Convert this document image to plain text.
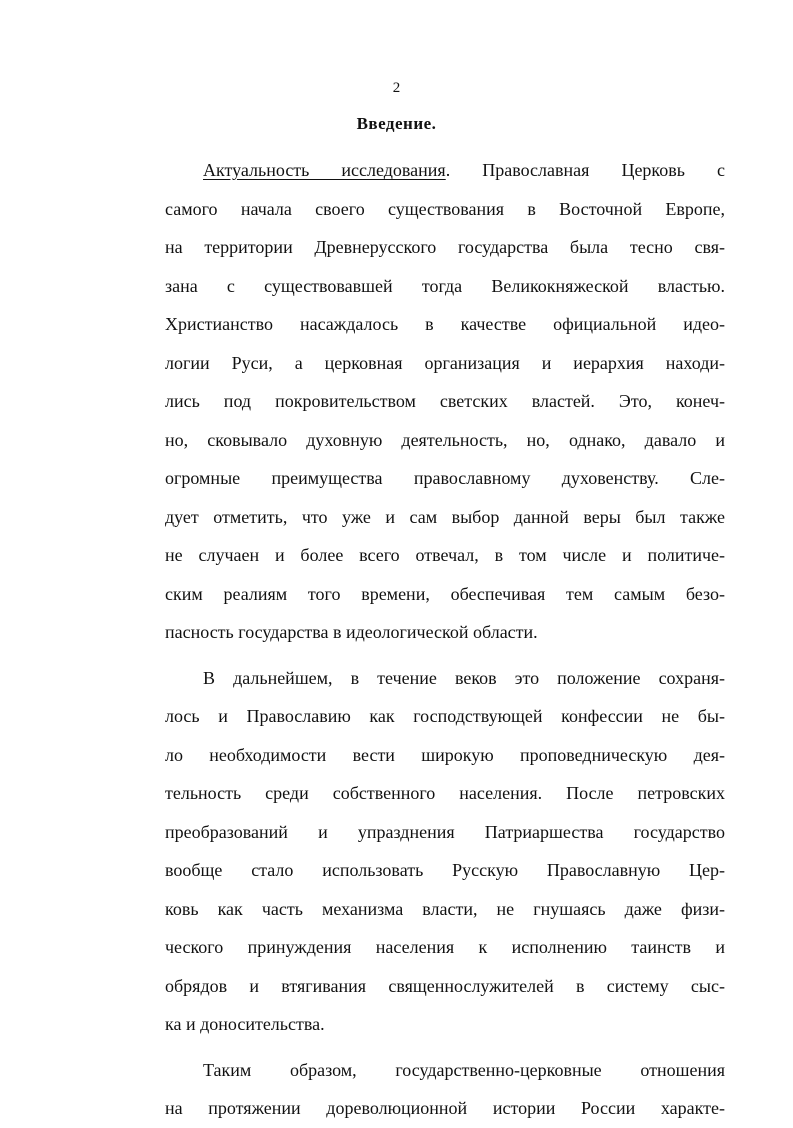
2
Введение.
Актуальность исследования. Православная Церковь с
самого начала своего существования в Восточной Европе,
на территории Древнерусского государства была тесно свя-
зана с существовавшей тогда Великокняжеской властью.
Христианство насаждалось в качестве официальной идео-
логии Руси, а церковная организация и иерархия находи-
лись под покровительством светских властей. Это, конеч-
но, сковывало духовную деятельность, но, однако, давало и
огромные преимущества православному духовенству. Сле-
дует отметить, что уже и сам выбор данной веры был также
не случаен и более всего отвечал, в том числе и политиче-
ским реалиям того времени, обеспечивая тем самым безо-
пасность государства в идеологической области.
В дальнейшем, в течение веков это положение сохраня-
лось и Православию как господствующей конфессии не бы-
ло необходимости вести широкую проповедническую дея-
тельность среди собственного населения. После петровских
преобразований и упразднения Патриаршества государство
вообще стало использовать Русскую Православную Цер-
ковь как часть механизма власти, не гнушаясь даже физи-
ческого принуждения населения к исполнению таинств и
обрядов и втягивания священнослужителей в систему сыс-
ка и доносительства.
Таким образом, государственно-церковные отношения
на протяжении дореволюционной истории России характе-
